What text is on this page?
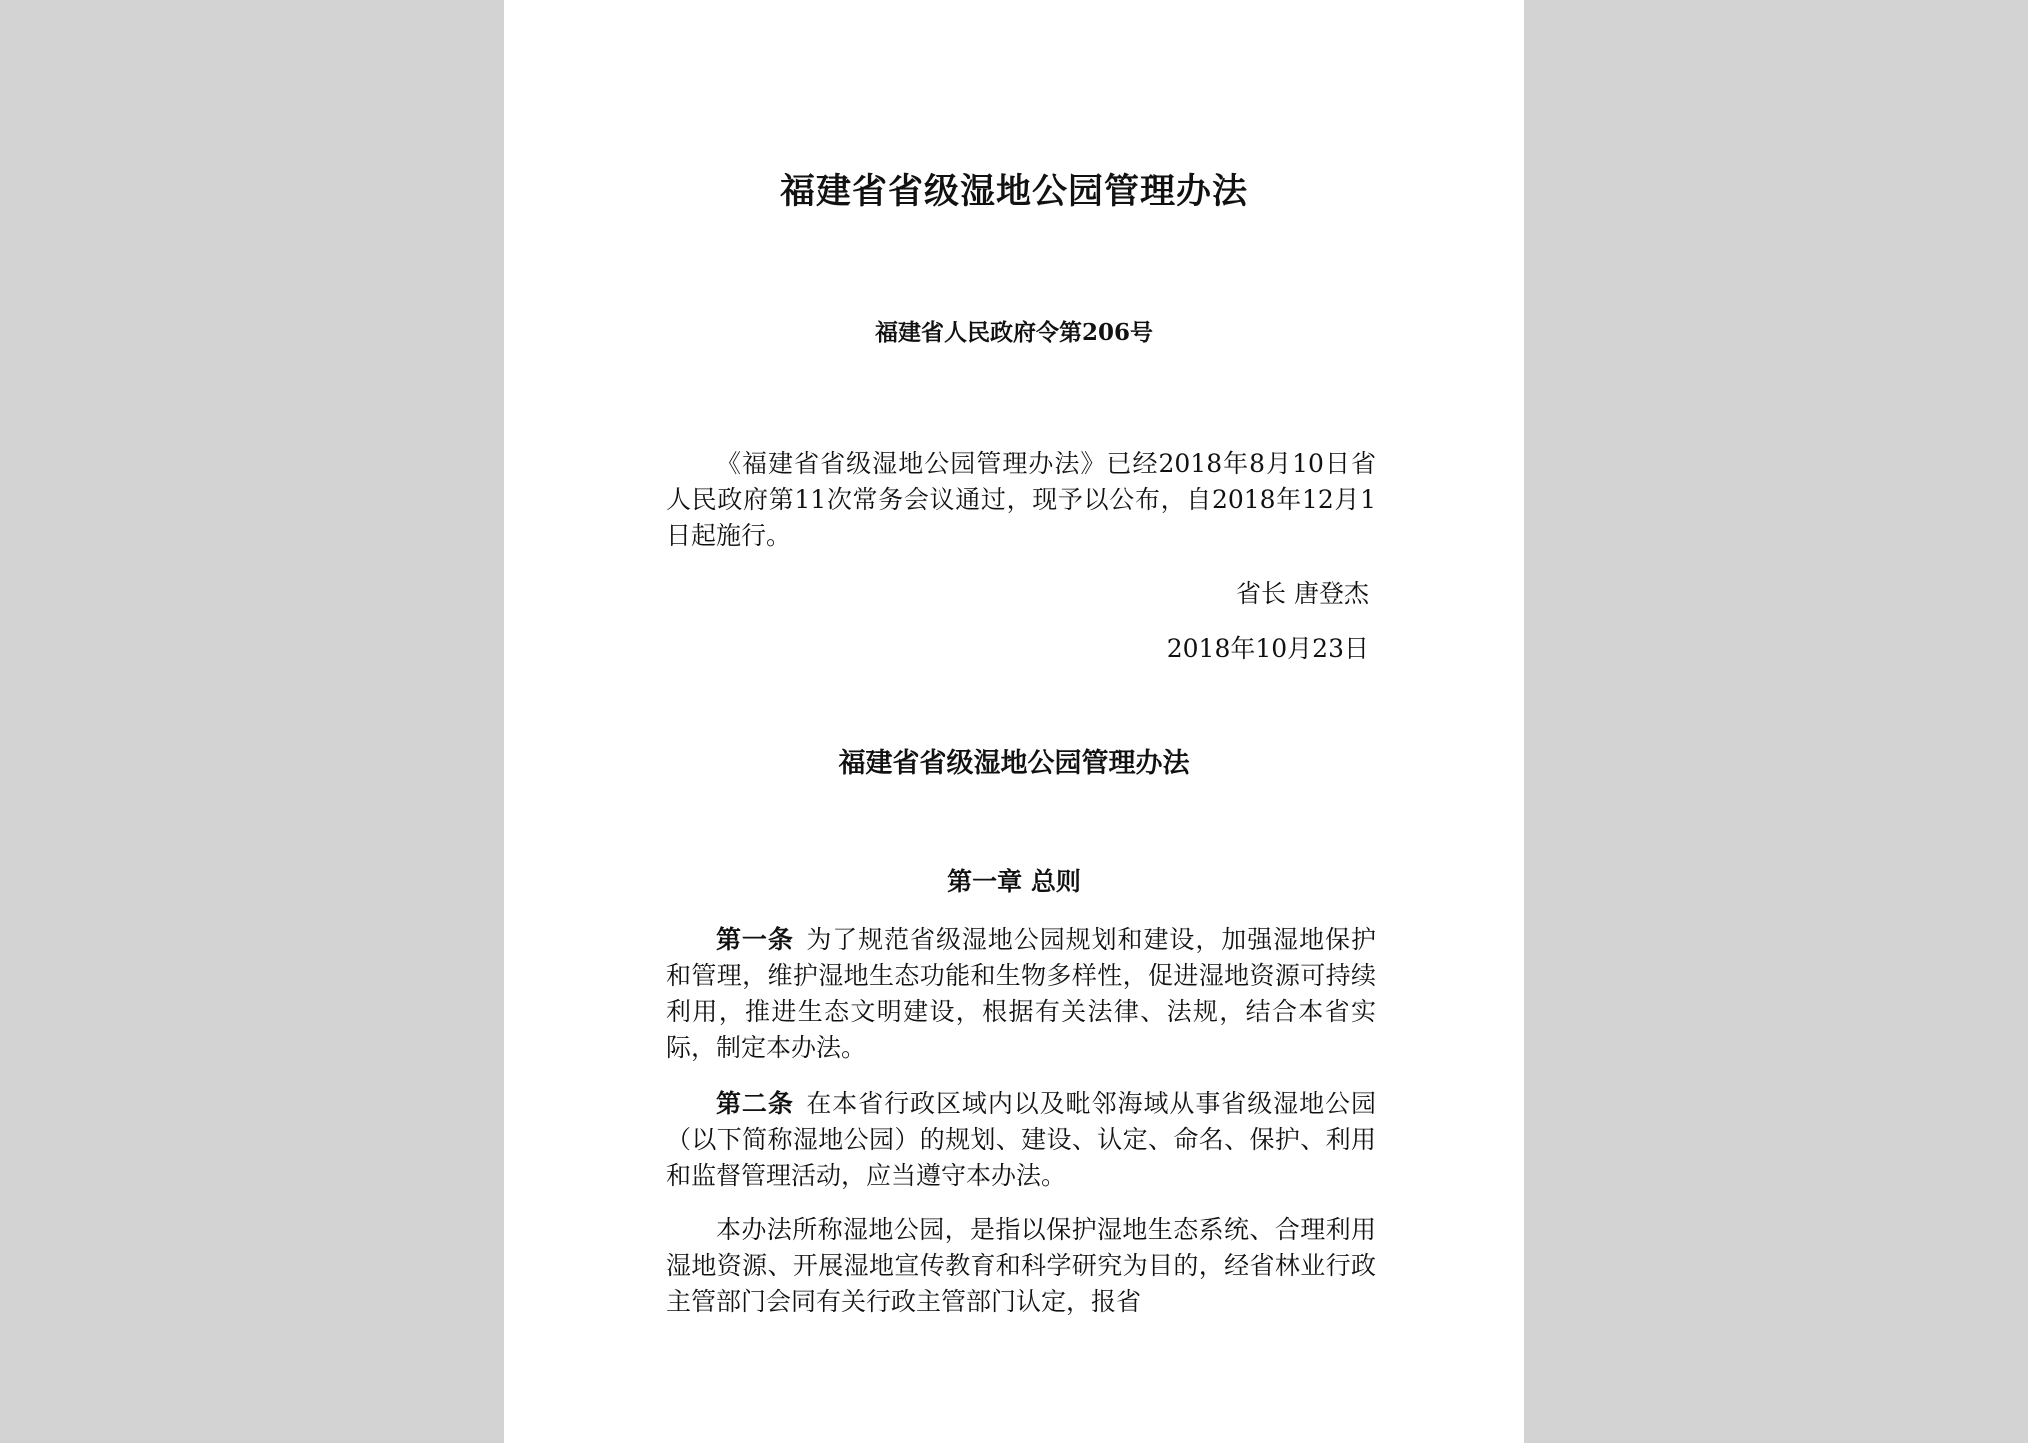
福建省省级湿地公园管理办法
福建省人民政府令第206号

《福建省省级湿地公园管理办法》已经2018年8月10日省人民政府第11次常务会议通过，现予以公布，自2018年12月1日起施行。

省长 唐登杰
2018年10月23日
福建省省级湿地公园管理办法
第一章 总则

第一条 为了规范省级湿地公园规划和建设，加强湿地保护和管理，维护湿地生态功能和生物多样性，促进湿地资源可持续利用，推进生态文明建设，根据有关法律、法规，结合本省实际，制定本办法。

第二条 在本省行政区域内以及毗邻海域从事省级湿地公园（以下简称湿地公园）的规划、建设、认定、命名、保护、利用和监督管理活动，应当遵守本办法。

本办法所称湿地公园，是指以保护湿地生态系统、合理利用湿地资源、开展湿地宣传教育和科学研究为目的，经省林业行政主管部门会同有关行政主管部门认定，报省
